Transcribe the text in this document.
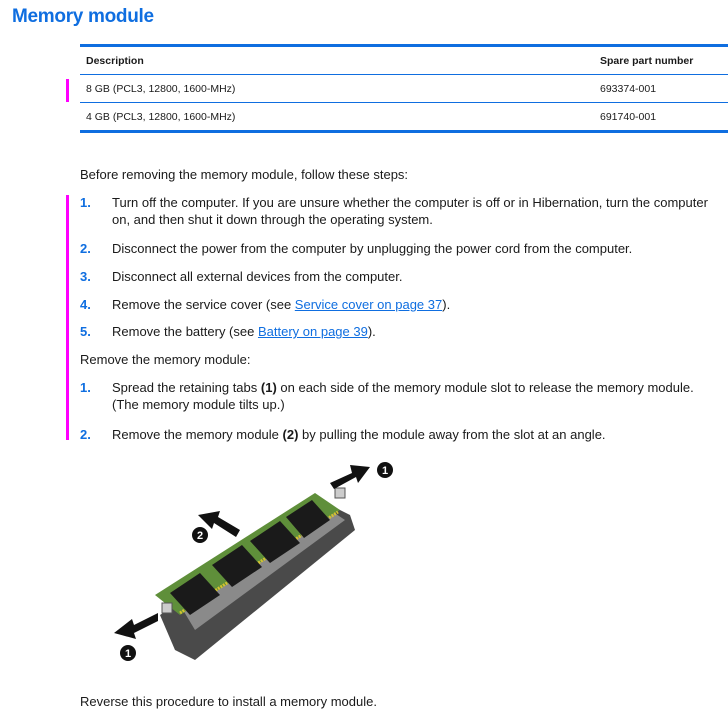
Memory module
Description	Spare part number
8 GB (PCL3, 12800, 1600-MHz)	693374-001
4 GB (PCL3, 12800, 1600-MHz)	691740-001
Before removing the memory module, follow these steps:
1. Turn off the computer. If you are unsure whether the computer is off or in Hibernation, turn the computer on, and then shut it down through the operating system.
2. Disconnect the power from the computer by unplugging the power cord from the computer.
3. Disconnect all external devices from the computer.
4. Remove the service cover (see Service cover on page 37).
5. Remove the battery (see Battery on page 39).
Remove the memory module:
1. Spread the retaining tabs (1) on each side of the memory module slot to release the memory module. (The memory module tilts up.)
2. Remove the memory module (2) by pulling the module away from the slot at an angle.
1
2
1
Reverse this procedure to install a memory module.
